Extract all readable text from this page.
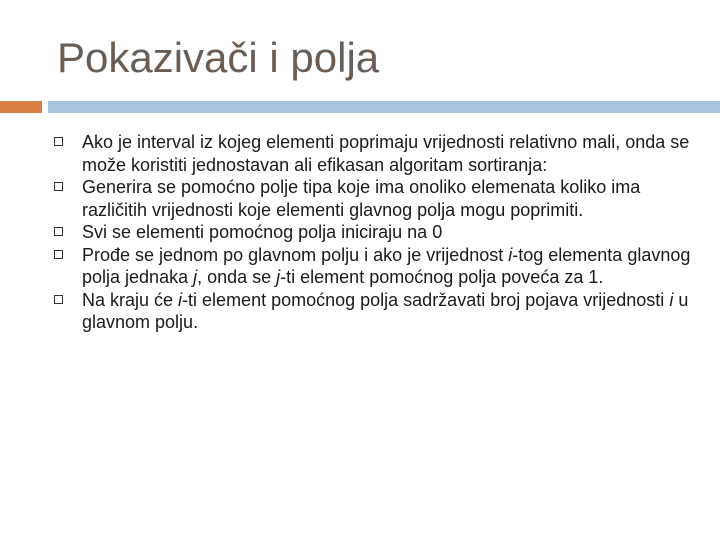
Pokazivači i polja
Ako je interval iz kojeg elementi poprimaju vrijednosti relativno mali, onda se može koristiti jednostavan ali efikasan algoritam sortiranja:
Generira se pomoćno polje tipa koje ima onoliko elemenata koliko ima različitih vrijednosti koje elementi glavnog polja mogu poprimiti.
Svi se elementi pomoćnog polja iniciraju na 0
Prođe se jednom po glavnom polju i ako je vrijednost i-tog elementa glavnog polja jednaka j, onda se j-ti element pomoćnog polja poveća za 1.
Na kraju će i-ti element pomoćnog polja sadržavati broj pojava vrijednosti i u glavnom polju.
